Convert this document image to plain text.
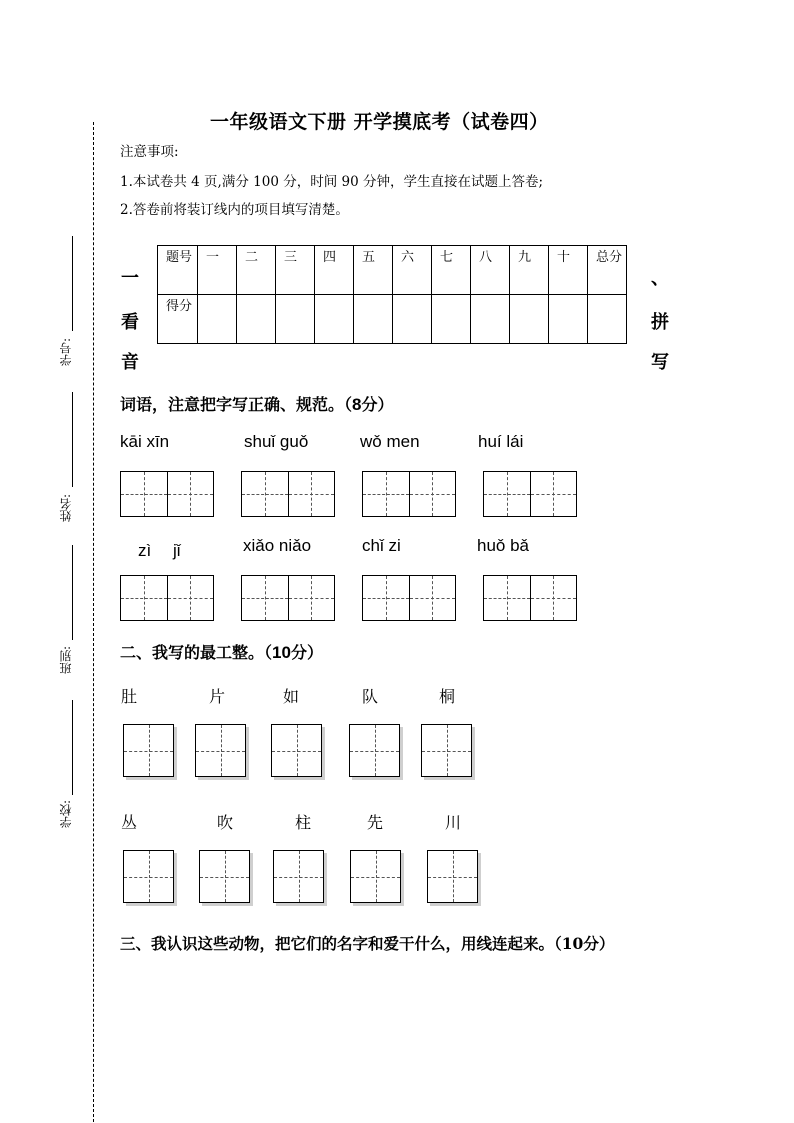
学号:
姓名:
班别:
学校:
一年级语文下册 开学摸底考（试卷四）
注意事项:
1.本试卷共 4 页,满分 100 分，时间 90 分钟，学生直接在试题上答卷;
2.答卷前将装订线内的项目填写清楚。
题号	一	二	三	四	五	六	七	八	九	十	总分
得分											
一
看
音
、
拼
写
词语，注意把字写正确、规范。（8分）
kāi xīn	shuǐ guǒ	wǒ men	huí lái
zì　 jǐ	xiǎo niǎo	chǐ zi	huǒ bǎ
二、我写的最工整。（10分）
肚	片	如	队	桐
丛	吹	柱	先	川
三、我认识这些动物，把它们的名字和爱干什么，用线连起来。（10分）
